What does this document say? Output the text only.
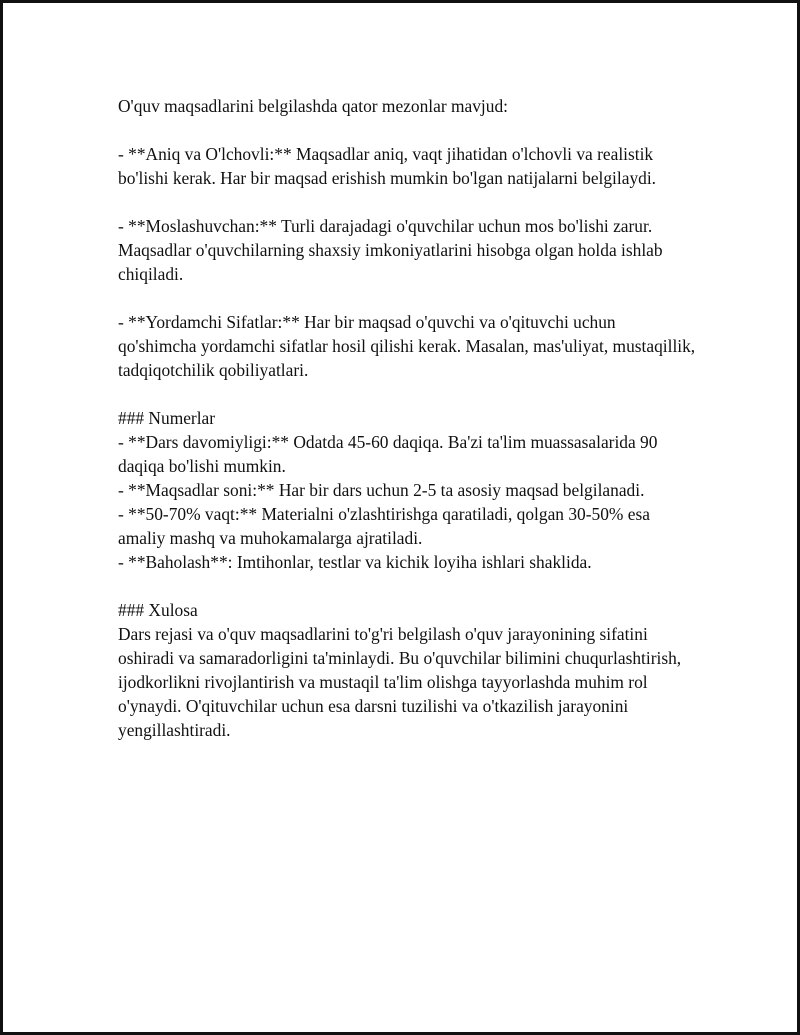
O'quv maqsadlarini belgilashda qator mezonlar mavjud:

- **Aniq va O'lchovli:** Maqsadlar aniq, vaqt jihatidan o'lchovli va realistik bo'lishi kerak. Har bir maqsad erishish mumkin bo'lgan natijalarni belgilaydi.

- **Moslashuvchan:** Turli darajadagi o'quvchilar uchun mos bo'lishi zarur. Maqsadlar o'quvchilarning shaxsiy imkoniyatlarini hisobga olgan holda ishlab chiqiladi.

- **Yordamchi Sifatlar:** Har bir maqsad o'quvchi va o'qituvchi uchun qo'shimcha yordamchi sifatlar hosil qilishi kerak. Masalan, mas'uliyat, mustaqillik, tadqiqotchilik qobiliyatlari.

### Numerlar

- **Dars davomiyligi:** Odatda 45-60 daqiqa. Ba'zi ta'lim muassasalarida 90 daqiqa bo'lishi mumkin.

- **Maqsadlar soni:** Har bir dars uchun 2-5 ta asosiy maqsad belgilanadi.

- **50-70% vaqt:** Materialni o'zlashtirishga qaratiladi, qolgan 30-50% esa amaliy mashq va muhokamalarga ajratiladi.

- **Baholash**: Imtihonlar, testlar va kichik loyiha ishlari shaklida.

### Xulosa

Dars rejasi va o'quv maqsadlarini to'g'ri belgilash o'quv jarayonining sifatini oshiradi va samaradorligini ta'minlaydi. Bu o'quvchilar bilimini chuqurlashtirish, ijodkorlikni rivojlantirish va mustaqil ta'lim olishga tayyorlashda muhim rol o'ynaydi. O'qituvchilar uchun esa darsni tuzilishi va o'tkazilish jarayonini yengillashtiradi.
